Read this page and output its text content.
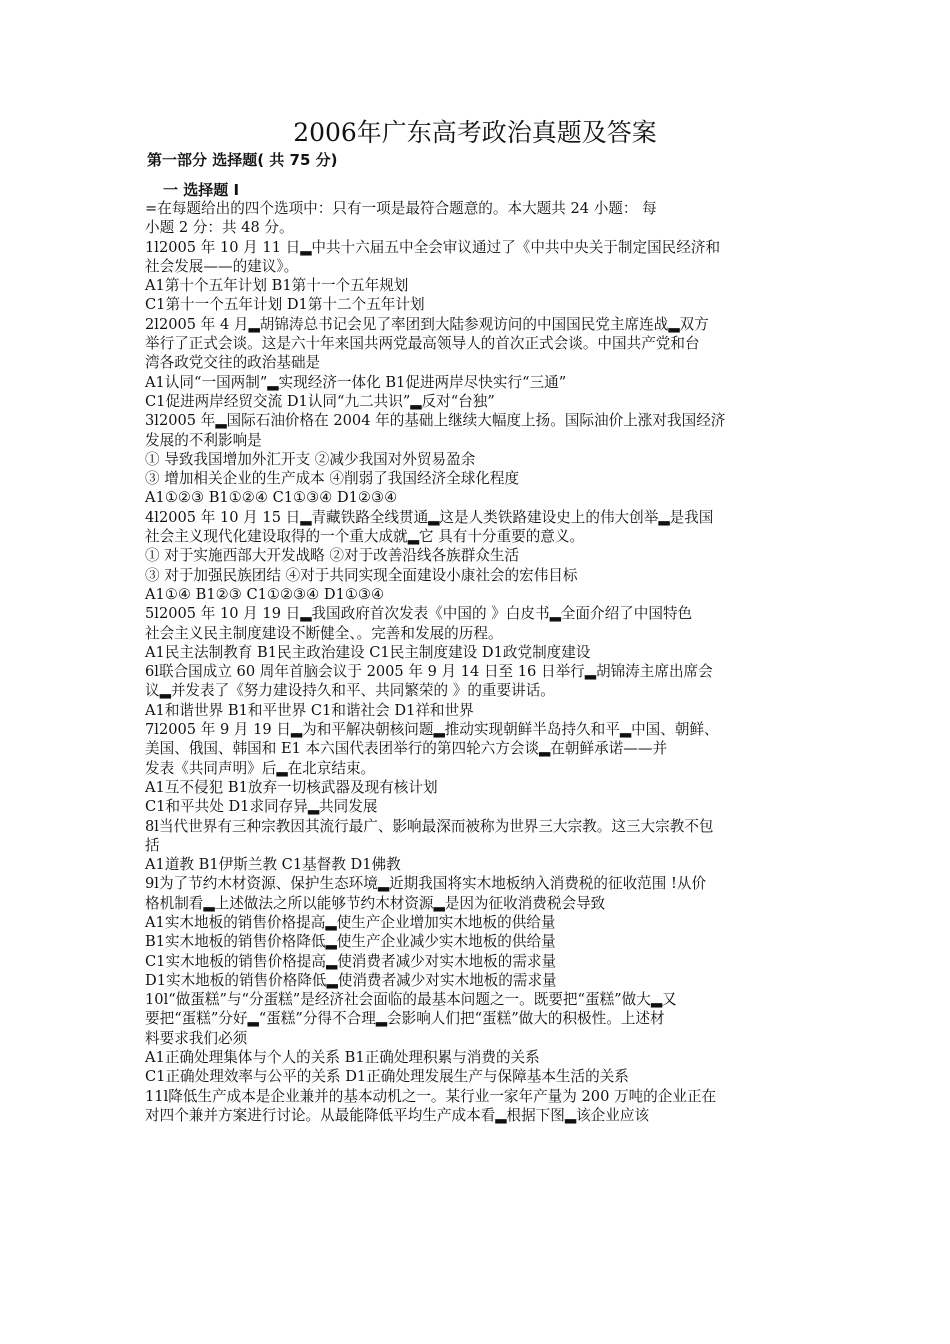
2006年广东高考政治真题及答案
第一部分 选择题( 共 75 分)
一 选择题 I
=在每题给出的四个选项中：只有一项是最符合题意的。本大题共 24 小题： 每
小题 2 分：共 48 分。
1l2005 年 10 月 11 日▂中共十六届五中全会审议通过了《中共中央关于制定国民经济和
社会发展——的建议》。
A1第十个五年计划 B1第十一个五年规划
C1第十一个五年计划 D1第十二个五年计划
2l2005 年 4 月▂胡锦涛总书记会见了率团到大陆参观访问的中国国民党主席连战▂双方
举行了正式会谈。这是六十年来国共两党最高领导人的首次正式会谈。中国共产党和台
湾各政党交往的政治基础是
A1认同“一国两制”▂实现经济一体化 B1促进两岸尽快实行“三通”
C1促进两岸经贸交流 D1认同“九二共识”▂反对“台独”
3l2005 年▂国际石油价格在 2004 年的基础上继续大幅度上扬。国际油价上涨对我国经济
发展的不利影响是
① 导致我国增加外汇开支 ②减少我国对外贸易盈余
③ 增加相关企业的生产成本 ④削弱了我国经济全球化程度
A1①②③ B1①②④ C1①③④ D1②③④
4l2005 年 10 月 15 日▂青藏铁路全线贯通▂这是人类铁路建设史上的伟大创举▂是我国
社会主义现代化建设取得的一个重大成就▂它 具有十分重要的意义。
① 对于实施西部大开发战略 ②对于改善沿线各族群众生活
③ 对于加强民族团结 ④对于共同实现全面建设小康社会的宏伟目标
A1①④ B1②③ C1①②③④ D1①③④
5l2005 年 10 月 19 日▂我国政府首次发表《中国的 》白皮书▂全面介绍了中国特色
社会主义民主制度建设不断健全、。完善和发展的历程。
A1民主法制教育 B1民主政治建设 C1民主制度建设 D1政党制度建设
6l联合国成立 60 周年首脑会议于 2005 年 9 月 14 日至 16 日举行▂胡锦涛主席出席会
议▂并发表了《努力建设持久和平、共同繁荣的 》的重要讲话。
A1和谐世界 B1和平世界 C1和谐社会 D1祥和世界
7l2005 年 9 月 19 日▂为和平解决朝核问题▂推动实现朝鲜半岛持久和平▂中国、朝鲜、
美国、俄国、韩国和 E1 本六国代表团举行的第四轮六方会谈▂在朝鲜承诺——并
发表《共同声明》后▂在北京结束。
A1互不侵犯 B1放弃一切核武器及现有核计划
C1和平共处 D1求同存异▂共同发展
8l当代世界有三种宗教因其流行最广、影响最深而被称为世界三大宗教。这三大宗教不包
括
A1道教 B1伊斯兰教 C1基督教 D1佛教
9l为了节约木材资源、保护生态环境▂近期我国将实木地板纳入消费税的征收范围 !从价
格机制看▂上述做法之所以能够节约木材资源▂是因为征收消费税会导致
A1实木地板的销售价格提高▂使生产企业增加实木地板的供给量
B1实木地板的销售价格降低▂使生产企业减少实木地板的供给量
C1实木地板的销售价格提高▂使消费者减少对实木地板的需求量
D1实木地板的销售价格降低▂使消费者减少对实木地板的需求量
10l“做蛋糕”与“分蛋糕”是经济社会面临的最基本问题之一。既要把“蛋糕”做大▂又
要把“蛋糕”分好▂“蛋糕”分得不合理▂会影响人们把“蛋糕”做大的积极性。上述材
料要求我们必须
A1正确处理集体与个人的关系 B1正确处理积累与消费的关系
C1正确处理效率与公平的关系 D1正确处理发展生产与保障基本生活的关系
11l降低生产成本是企业兼并的基本动机之一。某行业一家年产量为 200 万吨的企业正在
对四个兼并方案进行讨论。从最能降低平均生产成本看▂根据下图▂该企业应该
